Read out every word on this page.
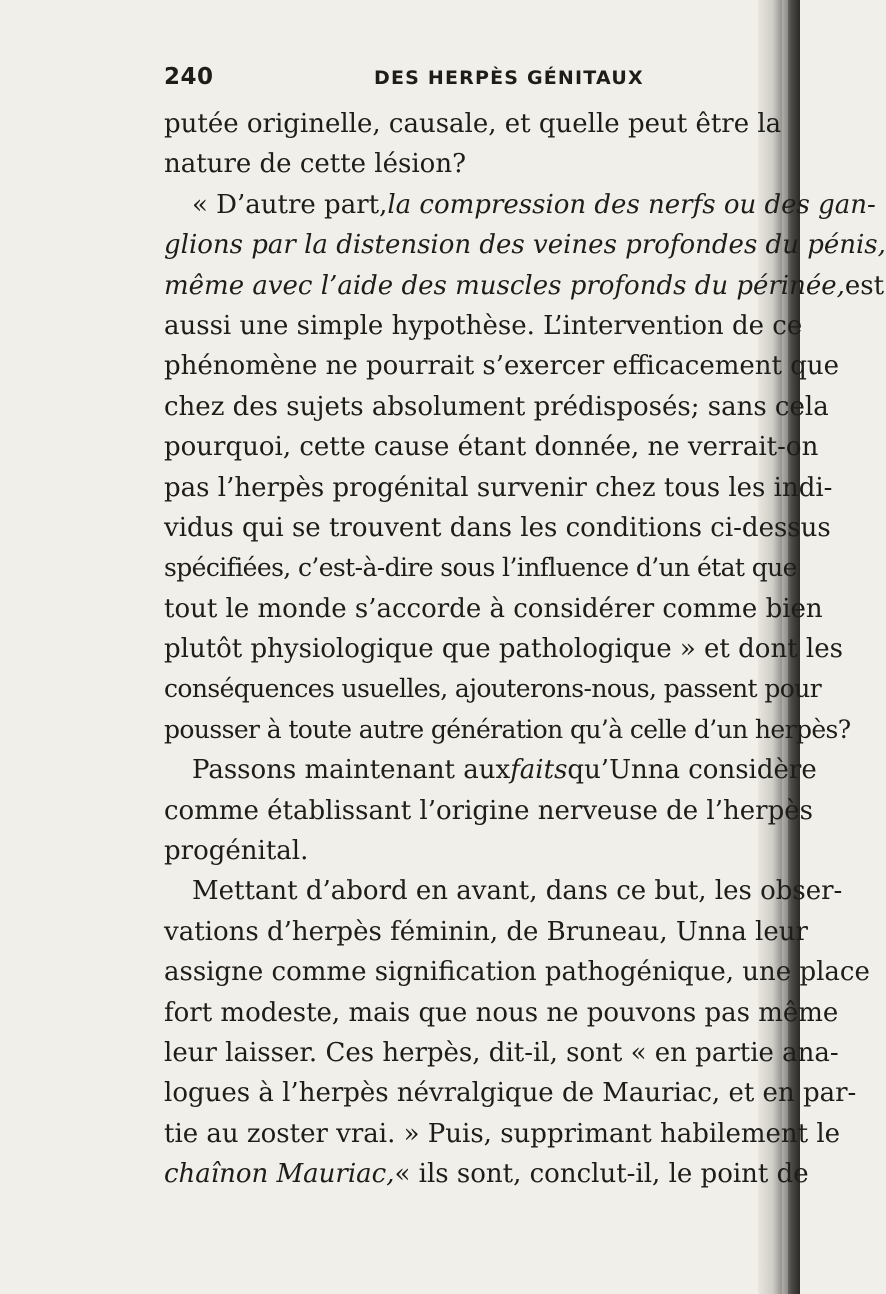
240	DES HERPÈS GÉNITAUX
putée originelle, causale, et quelle peut être la
nature de cette lésion?
« D’autre part, la compression des nerfs ou des gan-
glions par la distension des veines profondes du pénis,
même avec l’aide des muscles profonds du périnée, est
aussi une simple hypothèse. L’intervention de ce
phénomène ne pourrait s’exercer efficacement que
chez des sujets absolument prédisposés; sans cela
pourquoi, cette cause étant donnée, ne verrait-on
pas l’herpès progénital survenir chez tous les indi-
vidus qui se trouvent dans les conditions ci-dessus
spécifiées, c’est-à-dire sous l’influence d’un état que
tout le monde s’accorde à considérer comme bien
plutôt physiologique que pathologique » et dont les
conséquences usuelles, ajouterons-nous, passent pour
pousser à toute autre génération qu’à celle d’un herpès?
Passons maintenant aux faits qu’Unna considère
comme établissant l’origine nerveuse de l’herpès
progénital.
Mettant d’abord en avant, dans ce but, les obser-
vations d’herpès féminin, de Bruneau, Unna leur
assigne comme signification pathogénique, une place
fort modeste, mais que nous ne pouvons pas même
leur laisser. Ces herpès, dit-il, sont « en partie ana-
logues à l’herpès névralgique de Mauriac, et en par-
tie au zoster vrai. » Puis, supprimant habilement le
chaînon Mauriac, « ils sont, conclut-il, le point de
